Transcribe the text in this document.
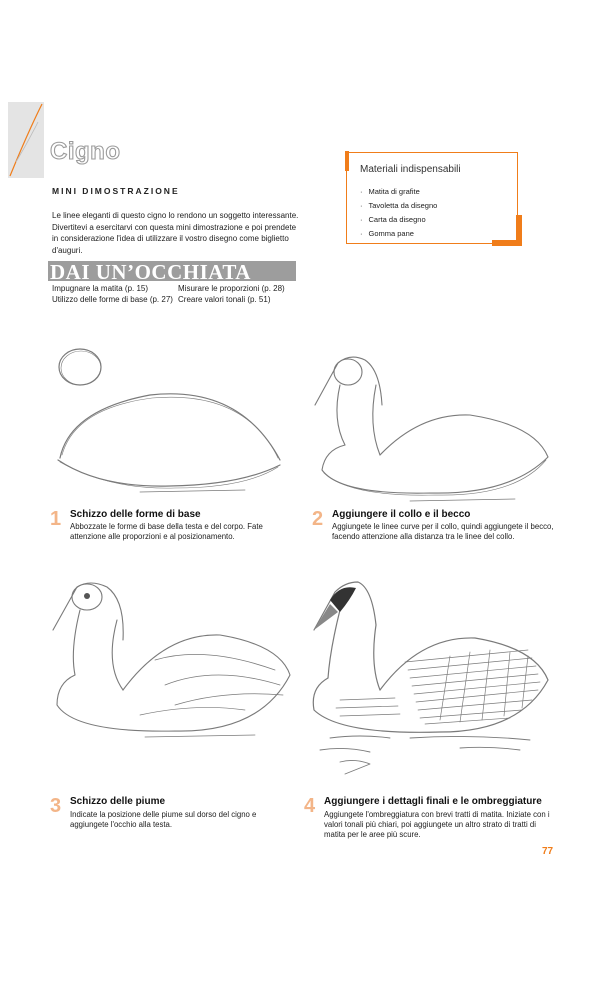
Cigno
MINI DIMOSTRAZIONE
Le linee eleganti di questo cigno lo rendono un soggetto interessante. Divertitevi a esercitarvi con questa mini dimostrazione e poi prendete in considerazione l'idea di utilizzare il vostro disegno come biglietto d'auguri.
DAI UN’OCCHIATA
Impugnare la matita (p. 15)
Utilizzo delle forme di base (p. 27)
Misurare le proporzioni (p. 28)
Creare valori tonali (p. 51)
Materiali indispensabili
· Matita di grafite
· Tavoletta da disegno
· Carta da disegno
· Gomma pane
1 Schizzo delle forme di base
Abbozzate le forme di base della testa e del corpo. Fate attenzione alle proporzioni e al posizionamento.
2 Aggiungere il collo e il becco
Aggiungete le linee curve per il collo, quindi aggiungete il becco, facendo attenzione alla distanza tra le linee del collo.
3 Schizzo delle piume
Indicate la posizione delle piume sul dorso del cigno e aggiungete l'occhio alla testa.
4 Aggiungere i dettagli finali e le ombreggiature
Aggiungete l'ombreggiatura con brevi tratti di matita. Iniziate con i valori tonali più chiari, poi aggiungete un altro strato di tratti di matita per le aree più scure.
77
